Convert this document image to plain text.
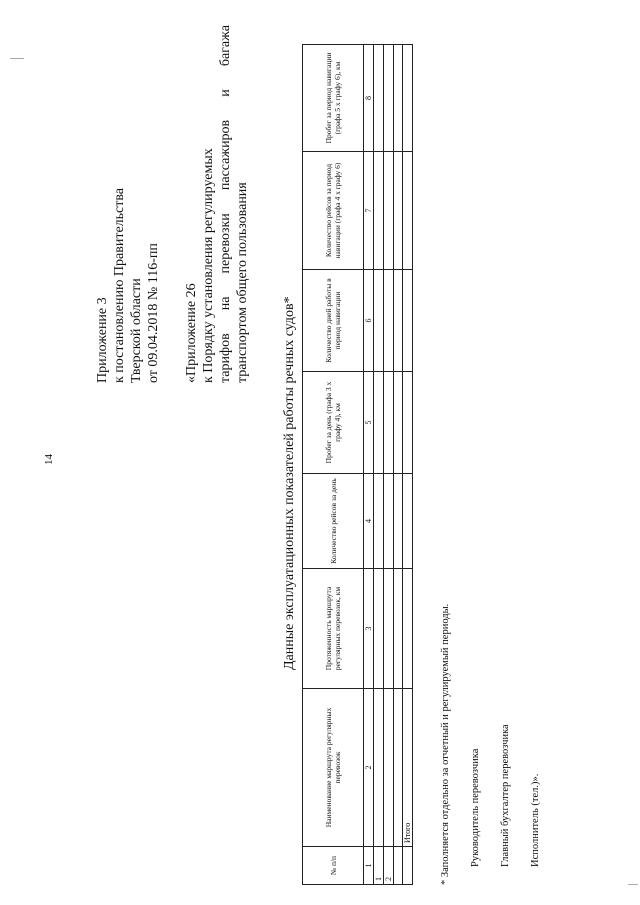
14
Приложение 3 к постановлению Правительства Тверской области от 09.04.2018 № 116-пп «Приложение 26 к Порядку установления регулируемых тарифов на перевозки пассажиров и багажа транспортом общего пользования
Данные эксплуатационных показателей работы речных судов*
№ п/п	Наименование маршрута регулярных перевозок	Протяженность маршрута регулярных перевозок, км	Количество рейсов за день	Пробег за день (графа 3 х графу 4), км	Количество дней работы в период навигации	Количество рейсов за период навигации (графа 4 х графу 6)	Пробег за период навигации (графа 5 х графу 6), км
1	2	3	4	5	6	7	8
1							
2							

	Итого							* Заполняется отдельно за отчетный и регулируемый периоды. Руководитель перевозчика Главный бухгалтер перевозчика Исполнитель (тел.)».
